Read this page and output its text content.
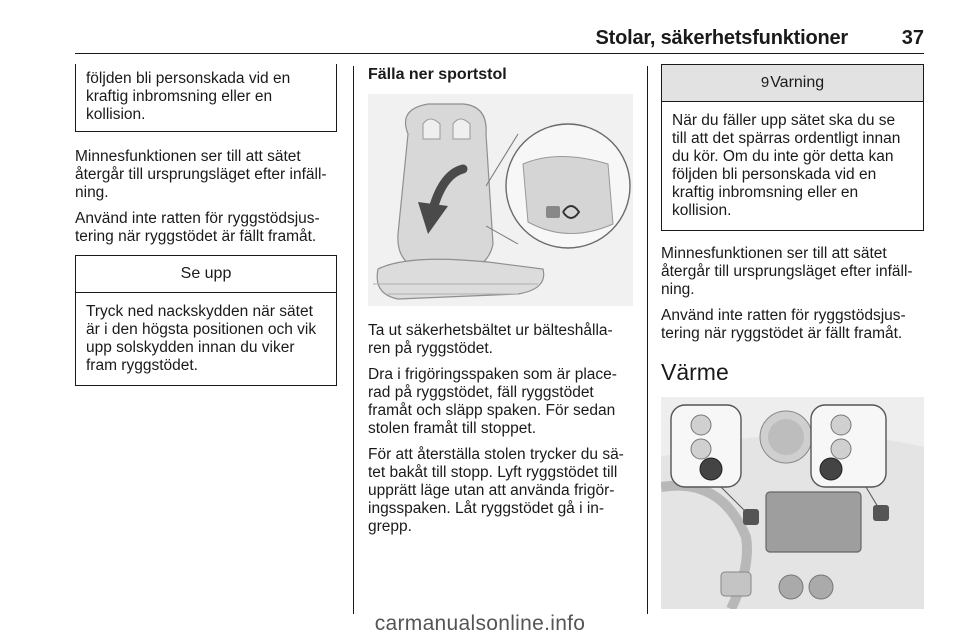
Stolar, säkerhetsfunktioner	37
följden bli personskada vid en kraftig inbromsning eller en kollision.

Minnesfunktionen ser till att sätet återgår till ursprungsläget efter infäll- ning.

Använd inte ratten för ryggstödsjus- tering när ryggstödet är fällt framåt.

Se upp
Tryck ned nackskydden när sätet är i den högsta positionen och vik upp solskydden innan du viker fram ryggstödet.
Fälla ner sportstol

Ta ut säkerhetsbältet ur bälteshålla- ren på ryggstödet.

Dra i frigöringsspaken som är place- rad på ryggstödet, fäll ryggstödet framåt och släpp spaken. För sedan stolen framåt till stoppet.

För att återställa stolen trycker du sä- tet bakåt till stopp. Lyft ryggstödet till upprätt läge utan att använda frigör- ingsspaken. Låt ryggstödet gå i in- grepp.

9Varning
När du fäller upp sätet ska du se till att det spärras ordentligt innan du kör. Om du inte gör detta kan följden bli personskada vid en kraftig inbromsning eller en kollision.

Minnesfunktionen ser till att sätet återgår till ursprungsläget efter infäll- ning.

Använd inte ratten för ryggstödsjus- tering när ryggstödet är fällt framåt.

Värme
carmanualsonline.info
